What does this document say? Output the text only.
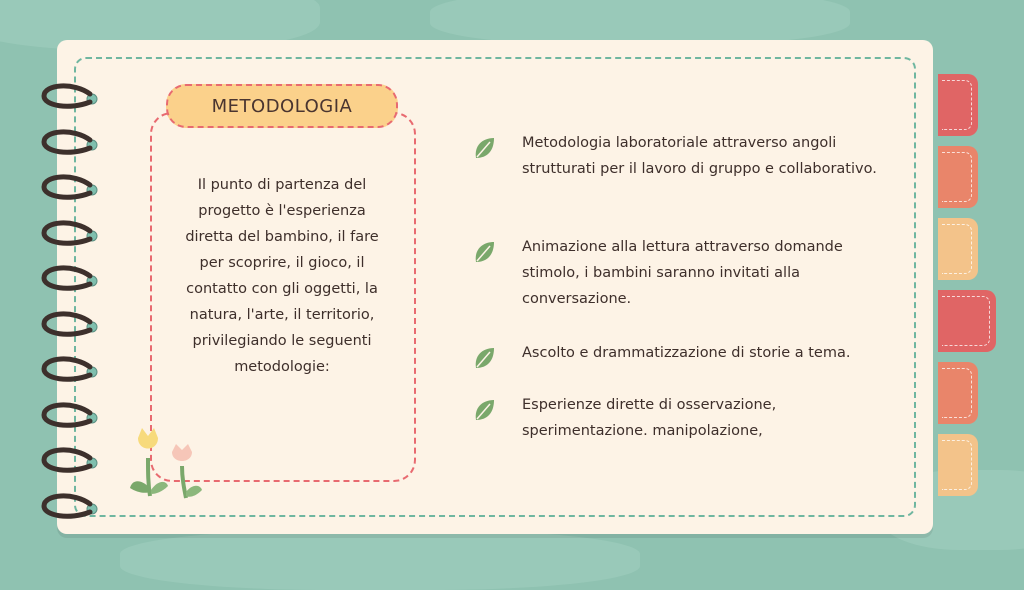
METODOLOGIA
Il punto di partenza del progetto è l'esperienza diretta del bambino, il fare per scoprire, il gioco, il contatto con gli oggetti, la natura, l'arte, il territorio, privilegiando le seguenti metodologie:
Metodologia laboratoriale attraverso angoli strutturati per il lavoro di gruppo e collaborativo.
Animazione alla lettura attraverso domande stimolo, i bambini saranno invitati alla conversazione.
Ascolto e drammatizzazione di storie a tema.
Esperienze dirette di osservazione, sperimentazione. manipolazione,
